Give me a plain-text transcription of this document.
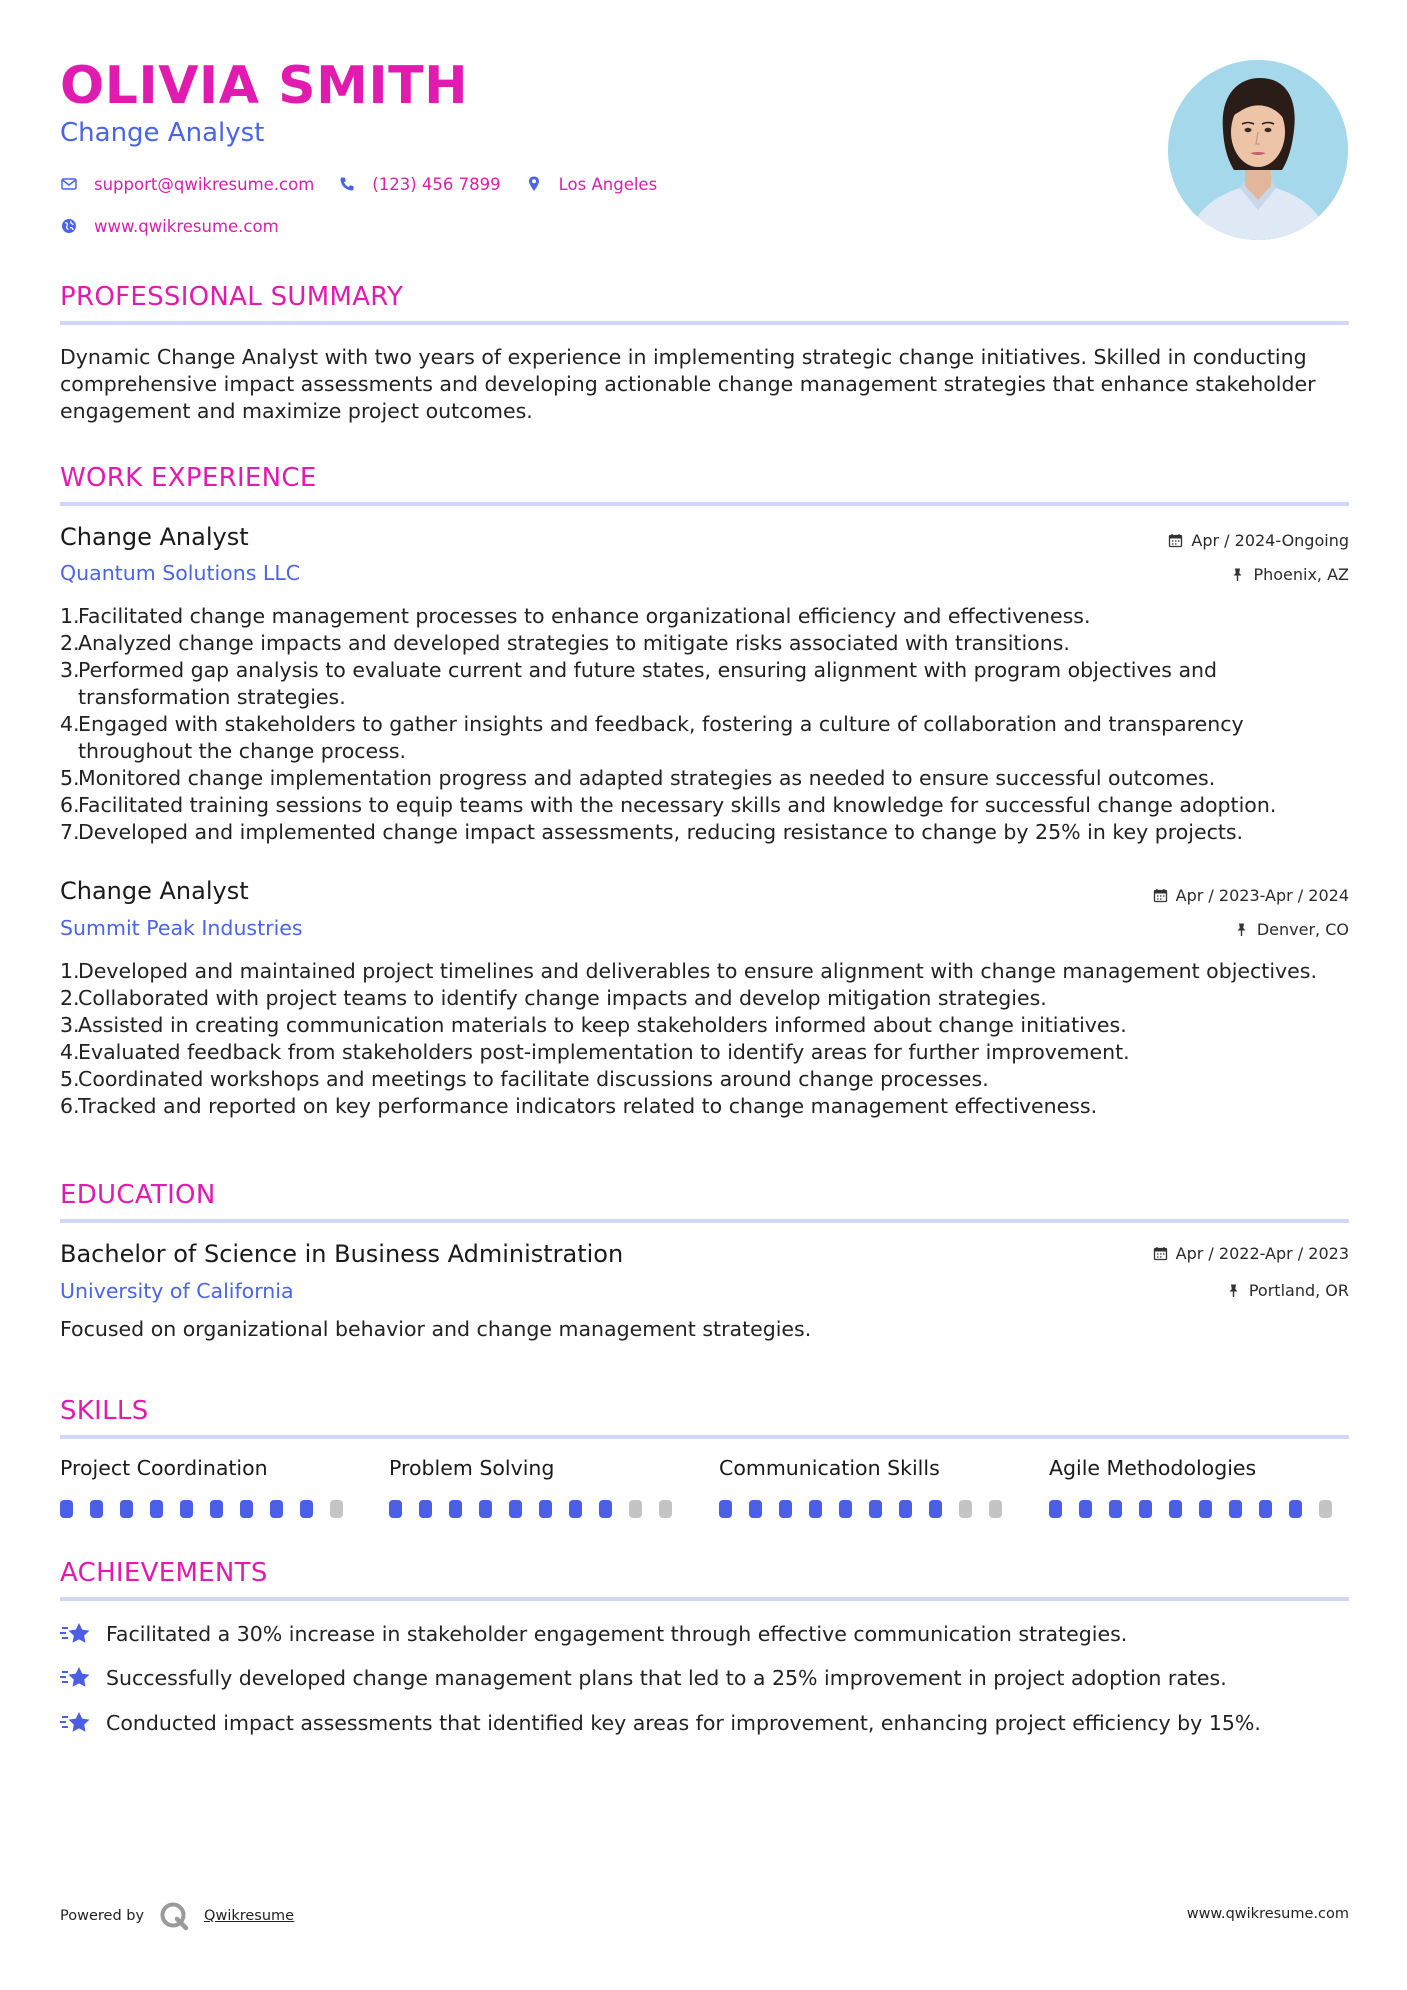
OLIVIA SMITH
Change Analyst
support@qwikresume.com	(123) 456 7899	Los Angeles
www.qwikresume.com
PROFESSIONAL SUMMARY
Dynamic Change Analyst with two years of experience in implementing strategic change initiatives. Skilled in conducting comprehensive impact assessments and developing actionable change management strategies that enhance stakeholder engagement and maximize project outcomes.
WORK EXPERIENCE
Change Analyst	Apr / 2024-Ongoing
Quantum Solutions LLC	Phoenix, AZ
1.
Facilitated change management processes to enhance organizational efficiency and effectiveness.
2.
Analyzed change impacts and developed strategies to mitigate risks associated with transitions.
3.
Performed gap analysis to evaluate current and future states, ensuring alignment with program objectives and transformation strategies.
4.
Engaged with stakeholders to gather insights and feedback, fostering a culture of collaboration and transparency throughout the change process.
5.
Monitored change implementation progress and adapted strategies as needed to ensure successful outcomes.
6.
Facilitated training sessions to equip teams with the necessary skills and knowledge for successful change adoption.
7.
Developed and implemented change impact assessments, reducing resistance to change by 25% in key projects.
Change Analyst	Apr / 2023-Apr / 2024
Summit Peak Industries	Denver, CO
1.
Developed and maintained project timelines and deliverables to ensure alignment with change management objectives.
2.
Collaborated with project teams to identify change impacts and develop mitigation strategies.
3.
Assisted in creating communication materials to keep stakeholders informed about change initiatives.
4.
Evaluated feedback from stakeholders post-implementation to identify areas for further improvement.
5.
Coordinated workshops and meetings to facilitate discussions around change processes.
6.
Tracked and reported on key performance indicators related to change management effectiveness.
EDUCATION
Bachelor of Science in Business Administration	Apr / 2022-Apr / 2023
University of California	Portland, OR
Focused on organizational behavior and change management strategies.
SKILLS
Project Coordination	Problem Solving	Communication Skills	Agile Methodologies
ACHIEVEMENTS
Facilitated a 30% increase in stakeholder engagement through effective communication strategies.
Successfully developed change management plans that led to a 25% improvement in project adoption rates.
Conducted impact assessments that identified key areas for improvement, enhancing project efficiency by 15%.
Powered by	Qwikresume	www.qwikresume.com
